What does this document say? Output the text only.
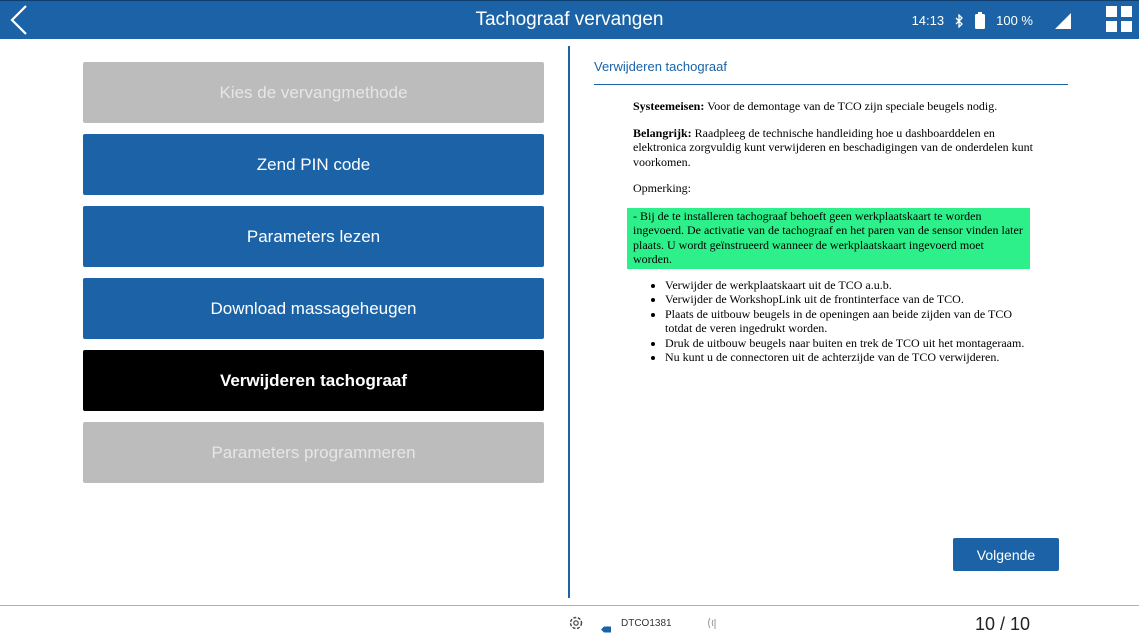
Tachograaf vervangen	14:13	100 %
Kies de vervangmethode
Zend PIN code
Parameters lezen
Download massageheugen
Verwijderen tachograaf
Parameters programmeren
Verwijderen tachograaf

Systeemeisen: Voor de demontage van de TCO zijn speciale beugels nodig.

Belangrijk: Raadpleeg de technische handleiding hoe u dashboarddelen en elektronica zorgvuldig kunt verwijderen en beschadigingen van de onderdelen kunt voorkomen.

Opmerking:

- Bij de te installeren tachograaf behoeft geen werkplaatskaart te worden ingevoerd. De activatie van de tachograaf en het paren van de sensor vinden later plaats. U wordt geïnstrueerd wanneer de werkplaatskaart ingevoerd moet worden.
• Verwijder de werkplaatskaart uit de TCO a.u.b.
• Verwijder de WorkshopLink uit de frontinterface van de TCO.
• Plaats de uitbouw beugels in de openingen aan beide zijden van de TCO totdat de veren ingedrukt worden.
• Druk de uitbouw beugels naar buiten en trek de TCO uit het montageraam.
• Nu kunt u de connectoren uit de achterzijde van de TCO verwijderen.
Volgende
DTCO1381	10 / 10
